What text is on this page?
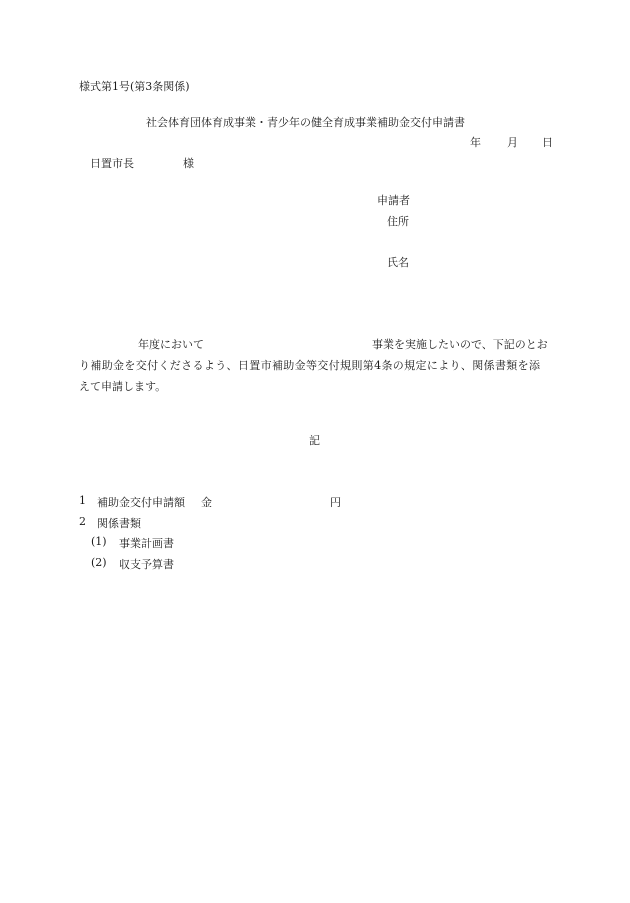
様式第1号(第3条関係)
社会体育団体育成事業・青少年の健全育成事業補助金交付申請書
年 月 日
日置市長	様
申請者
住所
氏名
年度において	事業を実施したいので、下記のとお
り補助金を交付くださるよう、日置市補助金等交付規則第4条の規定により、関係書類を添
えて申請します。
記
1 補助金交付申請額 金	円
2 関係書類
(1) 事業計画書
(2) 収支予算書
